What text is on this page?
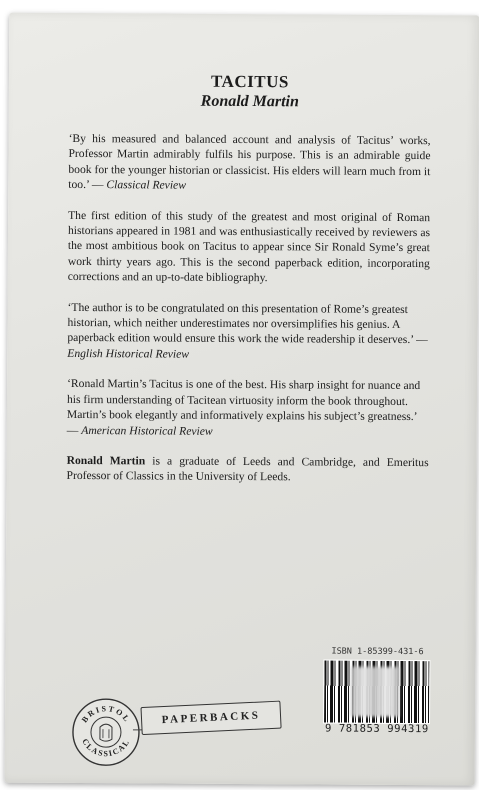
TACITUS
Ronald Martin

‘By his measured and balanced account and analysis of Tacitus’ works, Professor Martin admirably fulfils his purpose. This is an admirable guide book for the younger historian or classicist. His elders will learn much from it too.’ — Classical Review

The first edition of this study of the greatest and most original of Roman historians appeared in 1981 and was enthusiastically received by reviewers as the most ambitious book on Tacitus to appear since Sir Ronald Syme’s great work thirty years ago. This is the second paperback edition, incorporating corrections and an up-to-date bibliography.

‘The author is to be congratulated on this presentation of Rome’s greatest historian, which neither underestimates nor oversimplifies his genius. A paperback edition would ensure this work the wide readership it deserves.’ — English Historical Review

‘Ronald Martin’s Tacitus is one of the best. His sharp insight for nuance and his firm understanding of Tacitean virtuosity inform the book throughout. Martin’s book elegantly and informatively explains his subject’s greatness.’ — American Historical Review

Ronald Martin is a graduate of Leeds and Cambridge, and Emeritus Professor of Classics in the University of Leeds.

ISBN 1-85399-431-6
9 781853 994319
BRISTOL
CLASSICAL
PAPERBACKS
